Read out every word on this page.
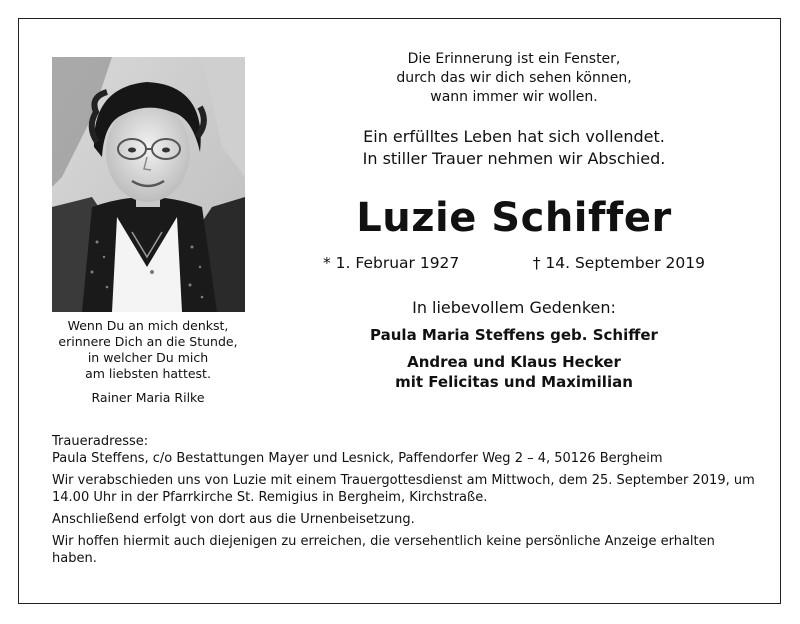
Wenn Du an mich denkst,
erinnere Dich an die Stunde,
in welcher Du mich
am liebsten hattest.
Rainer Maria Rilke
Die Erinnerung ist ein Fenster,
durch das wir dich sehen können,
wann immer wir wollen.
Ein erfülltes Leben hat sich vollendet.
In stiller Trauer nehmen wir Abschied.
Luzie Schiffer
* 1. Februar 1927	† 14. September 2019
In liebevollem Gedenken:
Paula Maria Steffens geb. Schiffer
Andrea und Klaus Hecker
mit Felicitas und Maximilian

Traueradresse:

Paula Steffens, c/o Bestattungen Mayer und Lesnick, Paffendorfer Weg 2 – 4, 50126 Bergheim

Wir verabschieden uns von Luzie mit einem Trauergottesdienst am Mittwoch, dem 25. September 2019, um 14.00 Uhr in der Pfarrkirche St. Remigius in Bergheim, Kirchstraße.

Anschließend erfolgt von dort aus die Urnenbeisetzung.

Wir hoffen hiermit auch diejenigen zu erreichen, die versehentlich keine persönliche Anzeige erhalten haben.
